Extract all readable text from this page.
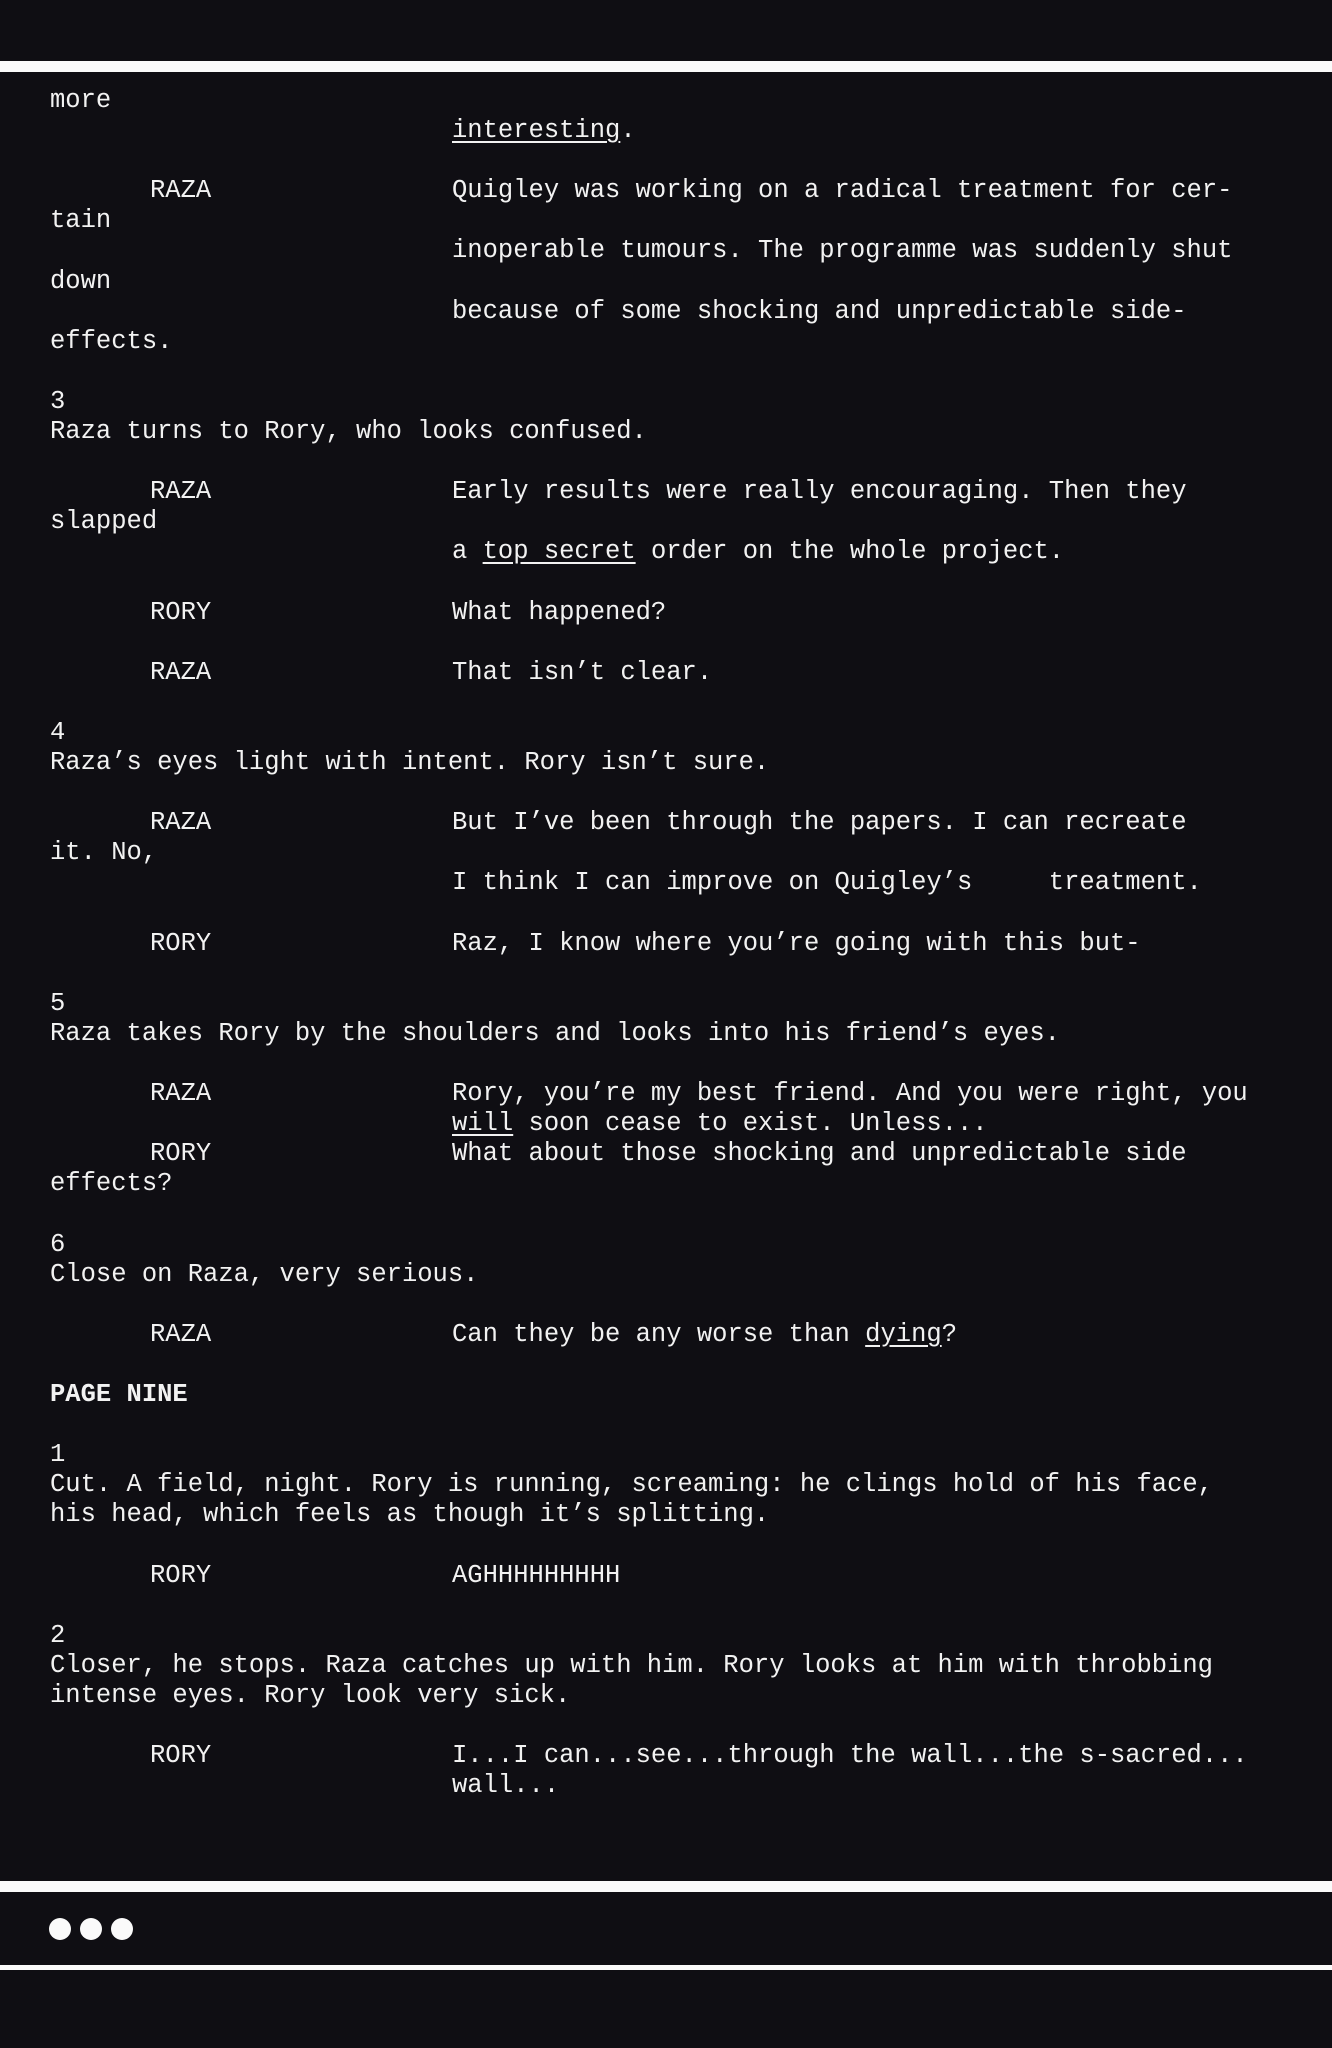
more
interesting.
RAZA	Quigley was working on a radical treatment for cer-
tain
inoperable tumours. The programme was suddenly shut
down
because of some shocking and unpredictable side-
effects.
3
Raza turns to Rory, who looks confused.
RAZA	Early results were really encouraging. Then they
slapped
a top secret order on the whole project.
RORY	What happened?
RAZA	That isn’t clear.
4
Raza’s eyes light with intent. Rory isn’t sure.
RAZA	But I’ve been through the papers. I can recreate
it. No,
I think I can improve on Quigley’s     treatment.
RORY	Raz, I know where you’re going with this but-
5
Raza takes Rory by the shoulders and looks into his friend’s eyes.
RAZA	Rory, you’re my best friend. And you were right, you
will soon cease to exist. Unless...
RORY	What about those shocking and unpredictable side
effects?
6
Close on Raza, very serious.
RAZA	Can they be any worse than dying?
PAGE NINE
1
Cut. A field, night. Rory is running, screaming: he clings hold of his face,
his head, which feels as though it’s splitting.
RORY	AGHHHHHHHHH
2
Closer, he stops. Raza catches up with him. Rory looks at him with throbbing
intense eyes. Rory look very sick.
RORY	I...I can...see...through the wall...the s-sacred...
wall...
